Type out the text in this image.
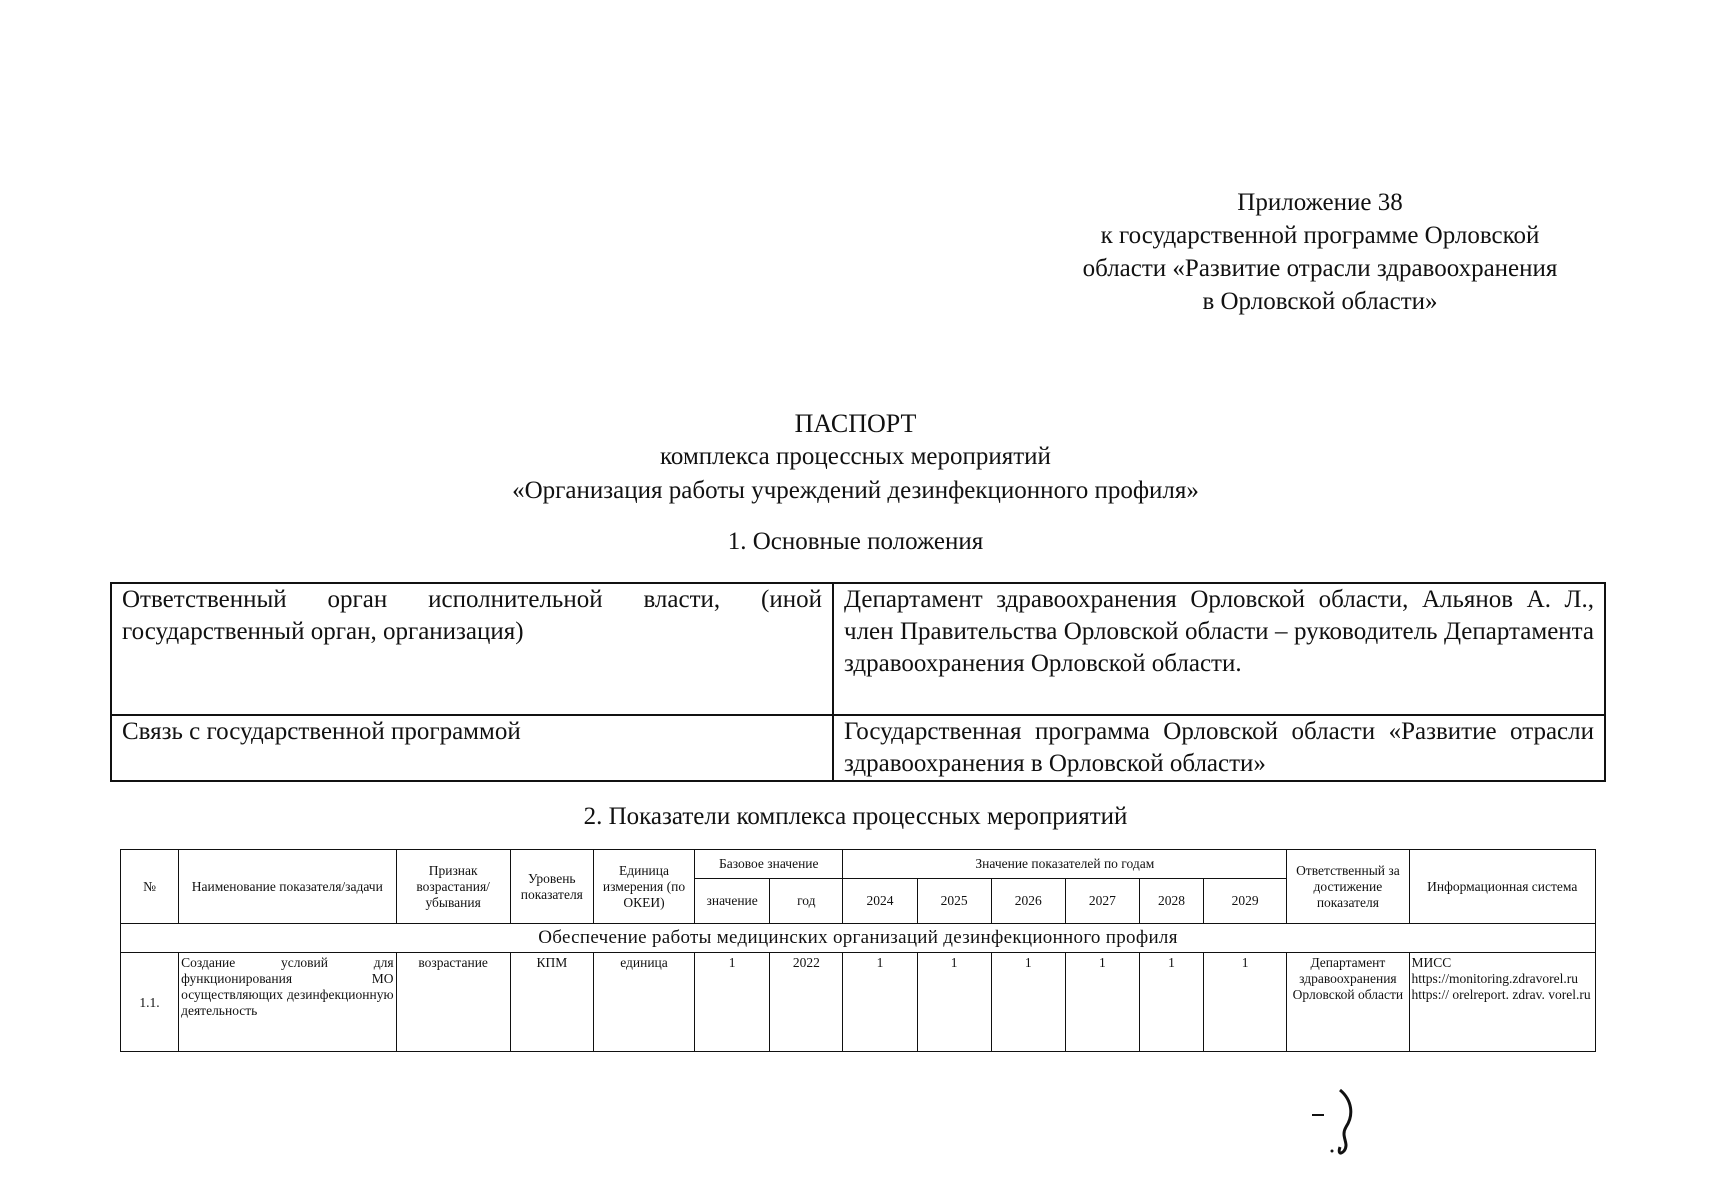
Приложение 38
к государственной программе Орловской
области «Развитие отрасли здравоохранения
в Орловской области»
ПАСПОРТ
комплекса процессных мероприятий
«Организация работы учреждений дезинфекционного профиля»
1. Основные положения
Ответственный орган исполнительной власти, (иной государственный орган, организация)	Департамент здравоохранения Орловской области, Альянов А. Л., член Правительства Орловской области – руководитель Департамента здравоохранения Орловской области.
Связь с государственной программой	Государственная программа Орловской области «Развитие отрасли здравоохранения в Орловской области»
2. Показатели комплекса процессных мероприятий
№	Наименование показателя/задачи	Признак возрастания/ убывания	Уровень показателя	Единица измерения (по ОКЕИ)	Базовое значение		Значение показателей по годам						Ответственный за достижение показателя	Информационная система
					значение	год	2024	2025	2026	2027	2028	2029		
Обеспечение работы медицинских организаций дезинфекционного профиля														
1.1.	Создание условий для функционирования МО осуществляющих дезинфекционную деятельность	возрастание	КПМ	единица	1	2022	1	1	1	1	1	1	Департамент здравоохранения Орловской области	МИСС
https://monitoring.zdravorel.ru
https:// orelreport. zdrav. vorel.ru
